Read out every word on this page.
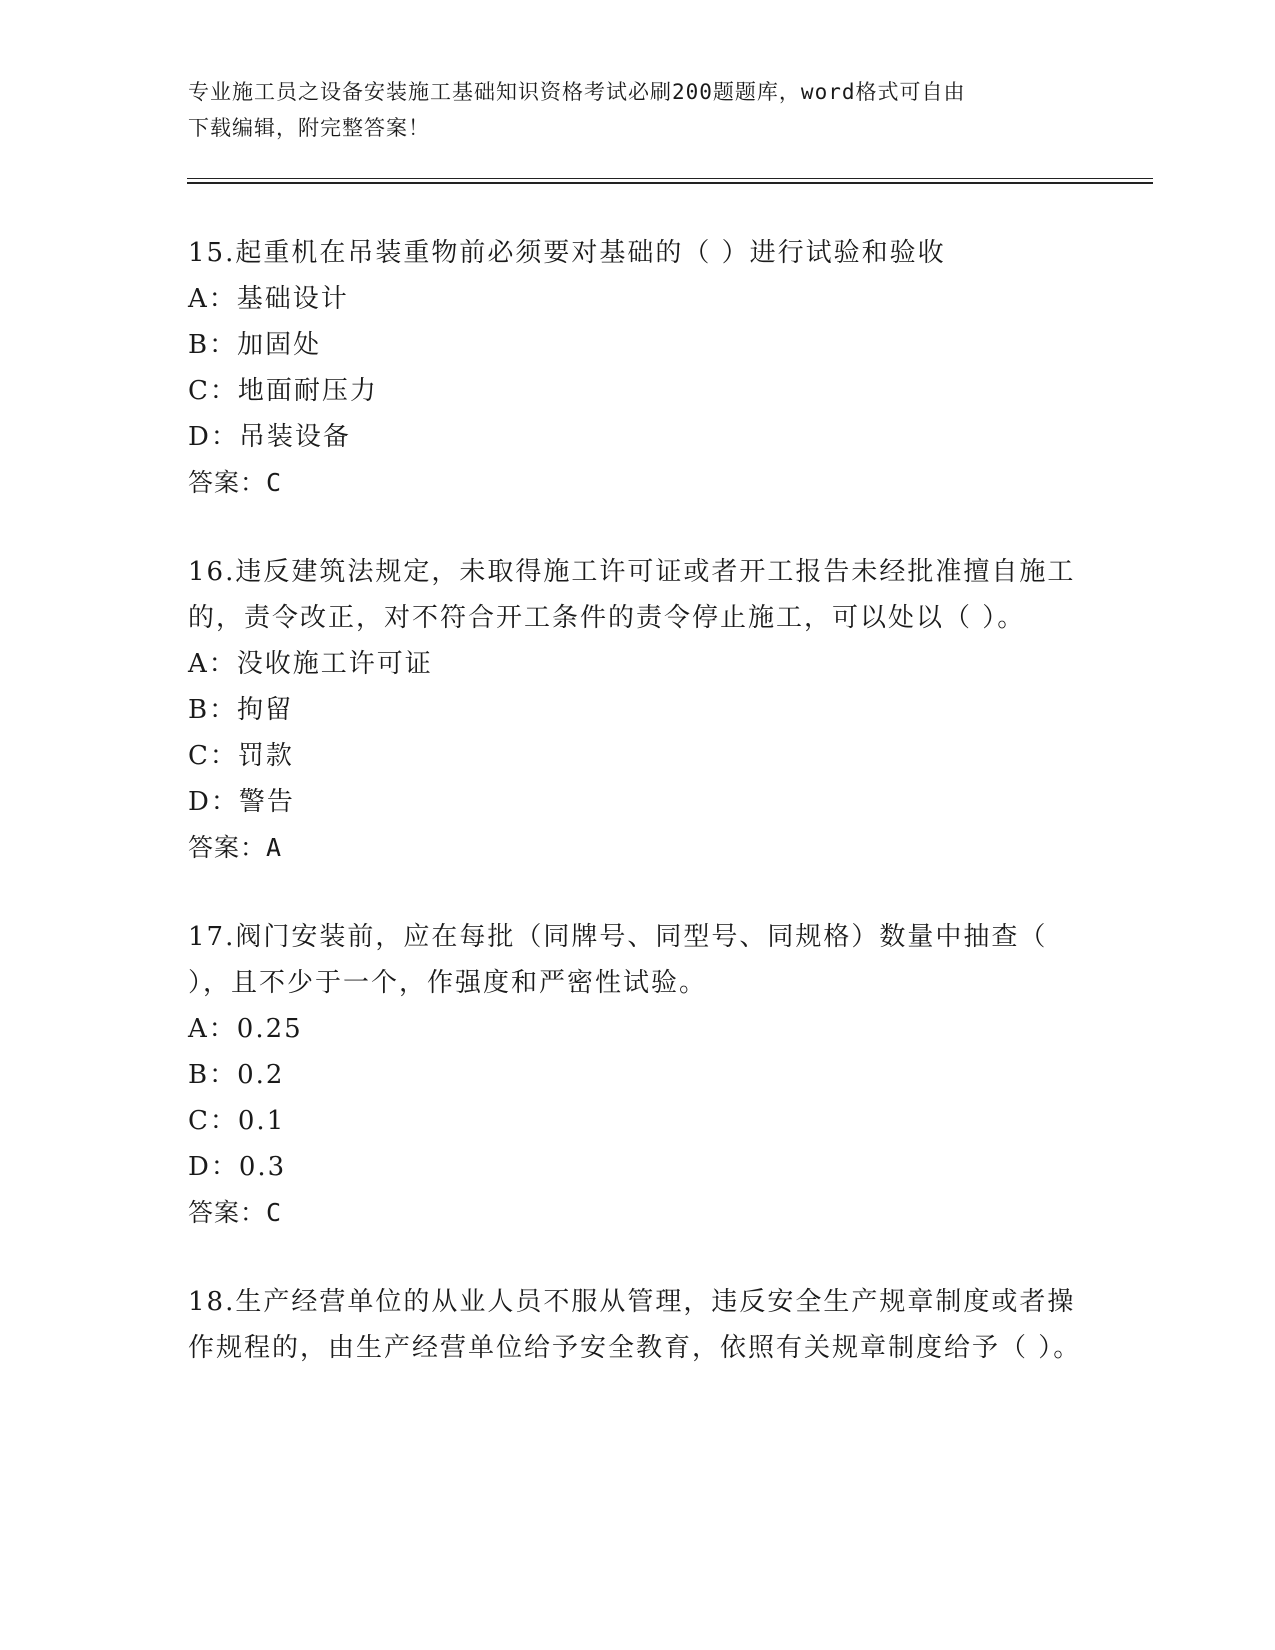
专业施工员之设备安装施工基础知识资格考试必刷200题题库，word格式可自由
下载编辑，附完整答案！

15.起重机在吊装重物前必须要对基础的（ ）进行试验和验收

A：基础设计

B：加固处

C：地面耐压力

D：吊装设备

答案：C

16.违反建筑法规定，未取得施工许可证或者开工报告未经批准擅自施工的，责令改正，对不符合开工条件的责令停止施工，可以处以（ ）。

A：没收施工许可证

B：拘留

C：罚款

D：警告

答案：A

17.阀门安装前，应在每批（同牌号、同型号、同规格）数量中抽查（ ），且不少于一个，作强度和严密性试验。

A：0.25

B：0.2

C：0.1

D：0.3

答案：C

18.生产经营单位的从业人员不服从管理，违反安全生产规章制度或者操作规程的，由生产经营单位给予安全教育，依照有关规章制度给予（ ）。
